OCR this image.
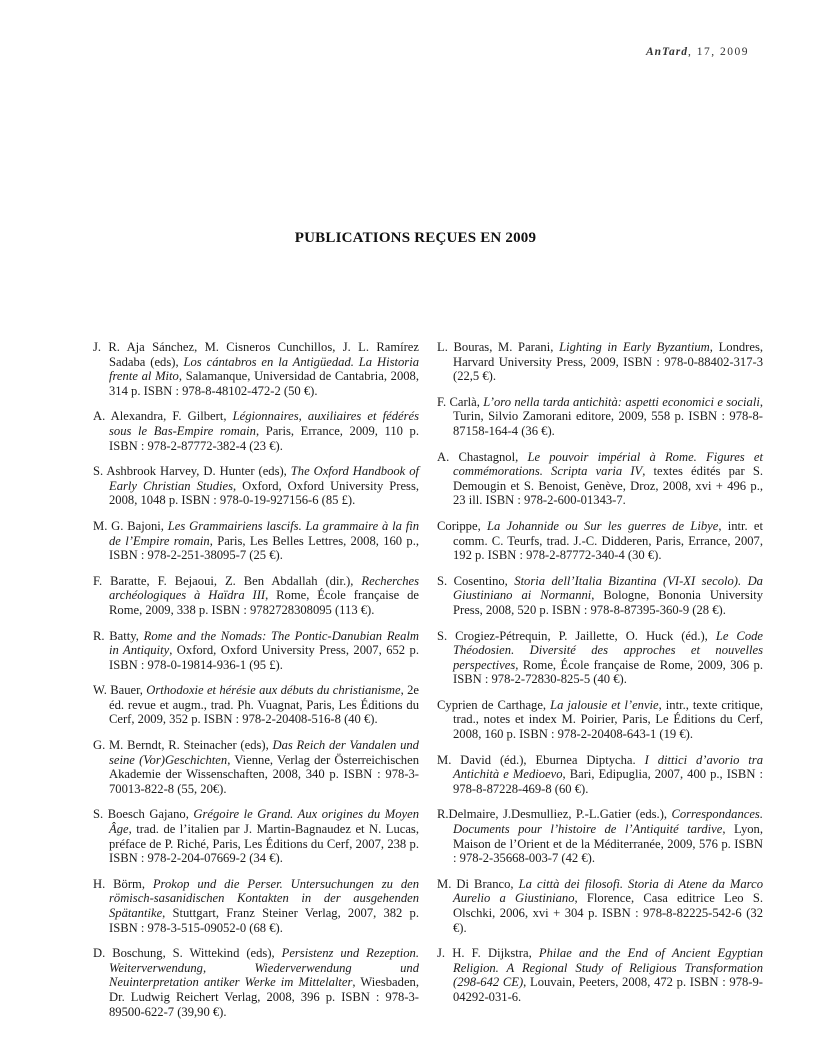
AnTard, 17, 2009
PUBLICATIONS REÇUES EN 2009

J. R. Aja Sánchez, M. Cisneros Cunchillos, J. L. Ramírez Sadaba (eds), Los cántabros en la Antigüedad. La Historia frente al Mito, Salamanque, Universidad de Cantabria, 2008, 314 p. ISBN : 978-8-48102-472-2 (50 €).

A. Alexandra, F. Gilbert, Légionnaires, auxiliaires et fédérés sous le Bas-Empire romain, Paris, Errance, 2009, 110 p. ISBN : 978-2-87772-382-4 (23 €).

S. Ashbrook Harvey, D. Hunter (eds), The Oxford Handbook of Early Christian Studies, Oxford, Oxford University Press, 2008, 1048 p. ISBN : 978-0-19-927156-6 (85 £).

M. G. Bajoni, Les Grammairiens lascifs. La grammaire à la fin de l’Empire romain, Paris, Les Belles Lettres, 2008, 160 p., ISBN : 978-2-251-38095-7 (25 €).

F. Baratte, F. Bejaoui, Z. Ben Abdallah (dir.), Recherches archéologiques à Haïdra III, Rome, École française de Rome, 2009, 338 p. ISBN : 9782728308095 (113 €).

R. Batty, Rome and the Nomads: The Pontic-Danubian Realm in Antiquity, Oxford, Oxford University Press, 2007, 652 p. ISBN : 978-0-19814-936-1 (95 £).

W. Bauer, Orthodoxie et hérésie aux débuts du christianisme, 2e éd. revue et augm., trad. Ph. Vuagnat, Paris, Les Éditions du Cerf, 2009, 352 p. ISBN : 978-2-20408-516-8 (40 €).

G. M. Berndt, R. Steinacher (eds), Das Reich der Vandalen und seine (Vor)Geschichten, Vienne, Verlag der Österreichischen Akademie der Wissenschaften, 2008, 340 p. ISBN : 978-3-70013-822-8 (55, 20€).

S. Boesch Gajano, Grégoire le Grand. Aux origines du Moyen Âge, trad. de l’italien par J. Martin-Bagnaudez et N. Lucas, préface de P. Riché, Paris, Les Éditions du Cerf, 2007, 238 p. ISBN : 978-2-204-07669-2 (34 €).

H. Börm, Prokop und die Perser. Untersuchungen zu den römisch-sasanidischen Kontakten in der ausgehenden Spätantike, Stuttgart, Franz Steiner Verlag, 2007, 382 p. ISBN : 978-3-515-09052-0 (68 €).

D. Boschung, S. Wittekind (eds), Persistenz und Rezeption. Weiterverwendung, Wiederverwendung und Neuinterpretation antiker Werke im Mittelalter, Wiesbaden, Dr. Ludwig Reichert Verlag, 2008, 396 p. ISBN : 978-3-89500-622-7 (39,90 €).

L. Bouras, M. Parani, Lighting in Early Byzantium, Londres, Harvard University Press, 2009, ISBN : 978-0-88402-317-3 (22,5 €).

F. Carlà, L’oro nella tarda antichità: aspetti economici e sociali, Turin, Silvio Zamorani editore, 2009, 558 p. ISBN : 978-8-87158-164-4 (36 €).

A. Chastagnol, Le pouvoir impérial à Rome. Figures et commémorations. Scripta varia IV, textes édités par S. Demougin et S. Benoist, Genève, Droz, 2008, xvi + 496 p., 23 ill. ISBN : 978-2-600-01343-7.

Corippe, La Johannide ou Sur les guerres de Libye, intr. et comm. C. Teurfs, trad. J.-C. Didderen, Paris, Errance, 2007, 192 p. ISBN : 978-2-87772-340-4 (30 €).

S. Cosentino, Storia dell’Italia Bizantina (VI-XI secolo). Da Giustiniano ai Normanni, Bologne, Bononia University Press, 2008, 520 p. ISBN : 978-8-87395-360-9 (28 €).

S. Crogiez-Pétrequin, P. Jaillette, O. Huck (éd.), Le Code Théodosien. Diversité des approches et nouvelles perspectives, Rome, École française de Rome, 2009, 306 p. ISBN : 978-2-72830-825-5 (40 €).

Cyprien de Carthage, La jalousie et l’envie, intr., texte critique, trad., notes et index M. Poirier, Paris, Le Éditions du Cerf, 2008, 160 p. ISBN : 978-2-20408-643-1 (19 €).

M. David (éd.), Eburnea Diptycha. I dittici d’avorio tra Antichità e Medioevo, Bari, Edipuglia, 2007, 400 p., ISBN : 978-8-87228-469-8 (60 €).

R.Delmaire, J.Desmulliez, P.-L.Gatier (eds.), Correspondances. Documents pour l’histoire de l’Antiquité tardive, Lyon, Maison de l’Orient et de la Méditerranée, 2009, 576 p. ISBN : 978-2-35668-003-7 (42 €).

M. Di Branco, La città dei filosofi. Storia di Atene da Marco Aurelio a Giustiniano, Florence, Casa editrice Leo S. Olschki, 2006, xvi + 304 p. ISBN : 978-8-82225-542-6 (32 €).

J. H. F. Dijkstra, Philae and the End of Ancient Egyptian Religion. A Regional Study of Religious Transformation (298-642 CE), Louvain, Peeters, 2008, 472 p. ISBN : 978-9-04292-031-6.
